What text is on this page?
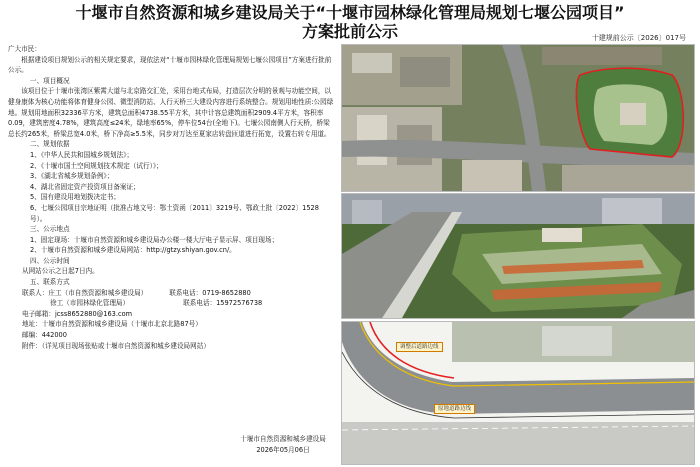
十堰市自然资源和城乡建设局关于“十堰市园林绿化管理局规划七堰公园项目”
方案批前公示	十建规前公示〔2026〕017号

广大市民：

根据建设项目规划公示的相关规定要求，现依法对“十堰市园林绿化管理局规划七堰公园项目”方案进行批前公示。

一、项目概况

该项目位于十堰市张湾区紫霄大道与北京路交汇处，采用台地式布局，打造层次分明的景观与功能空间，以健身康体为核心功能将体育健身公园、微型消防站、人行天桥三大建设内容进行系统整合。规划用地性质:公园绿地。规划用地面积32336平方米，建筑总面积4738.55平方米，其中计容总建筑面积2909.4平方米，容积率0.09，建筑密度4.78%，建筑高度≤24米，绿地率65%，停车位54台(全地下)。七堰公园南侧人行天桥，桥梁总长约265米，桥梁总宽4.0米，桥下净高≥5.5米，同步对万达至夏家店转盘匝道进行拓宽，设置右转专用道。

二、规划依据

1、《中华人民共和国城乡规划法》；

2、《十堰市国土空间规划技术规定（试行）》；

3、《湖北省城乡规划条例》；

4、湖北省固定资产投资项目备案证；

5、国有建设用地划拨决定书；

6、七堰公园项目宗地证明（批准占地文号：鄂土资函〔2011〕3219号、鄂政土批〔2022〕1528号）。

三、公示地点

1、固定现场：十堰市自然资源和城乡建设局办公楼一楼大厅电子显示屏、项目现场；

2、十堰市自然资源和城乡建设局网站：http://gtzy.shiyan.gov.cn/。

四、公示时间

从网站公示之日起7日内。

五、联系方式

联系人：庄工（市自然资源和城乡建设局）	联系电话：0719-8652880

徐工（市园林绿化管理局）	联系电话：15972576738

电子邮箱：jcss8652880@163.com

地址：十堰市自然资源和城乡建设局（十堰市北京北路87号）

邮编：442000

附件：（详见项目现场张贴或十堰市自然资源和城乡建设局网站）

十堰市自然资源和城乡建设局
2026年05月06日
调整后道路边线
原地道路边线
